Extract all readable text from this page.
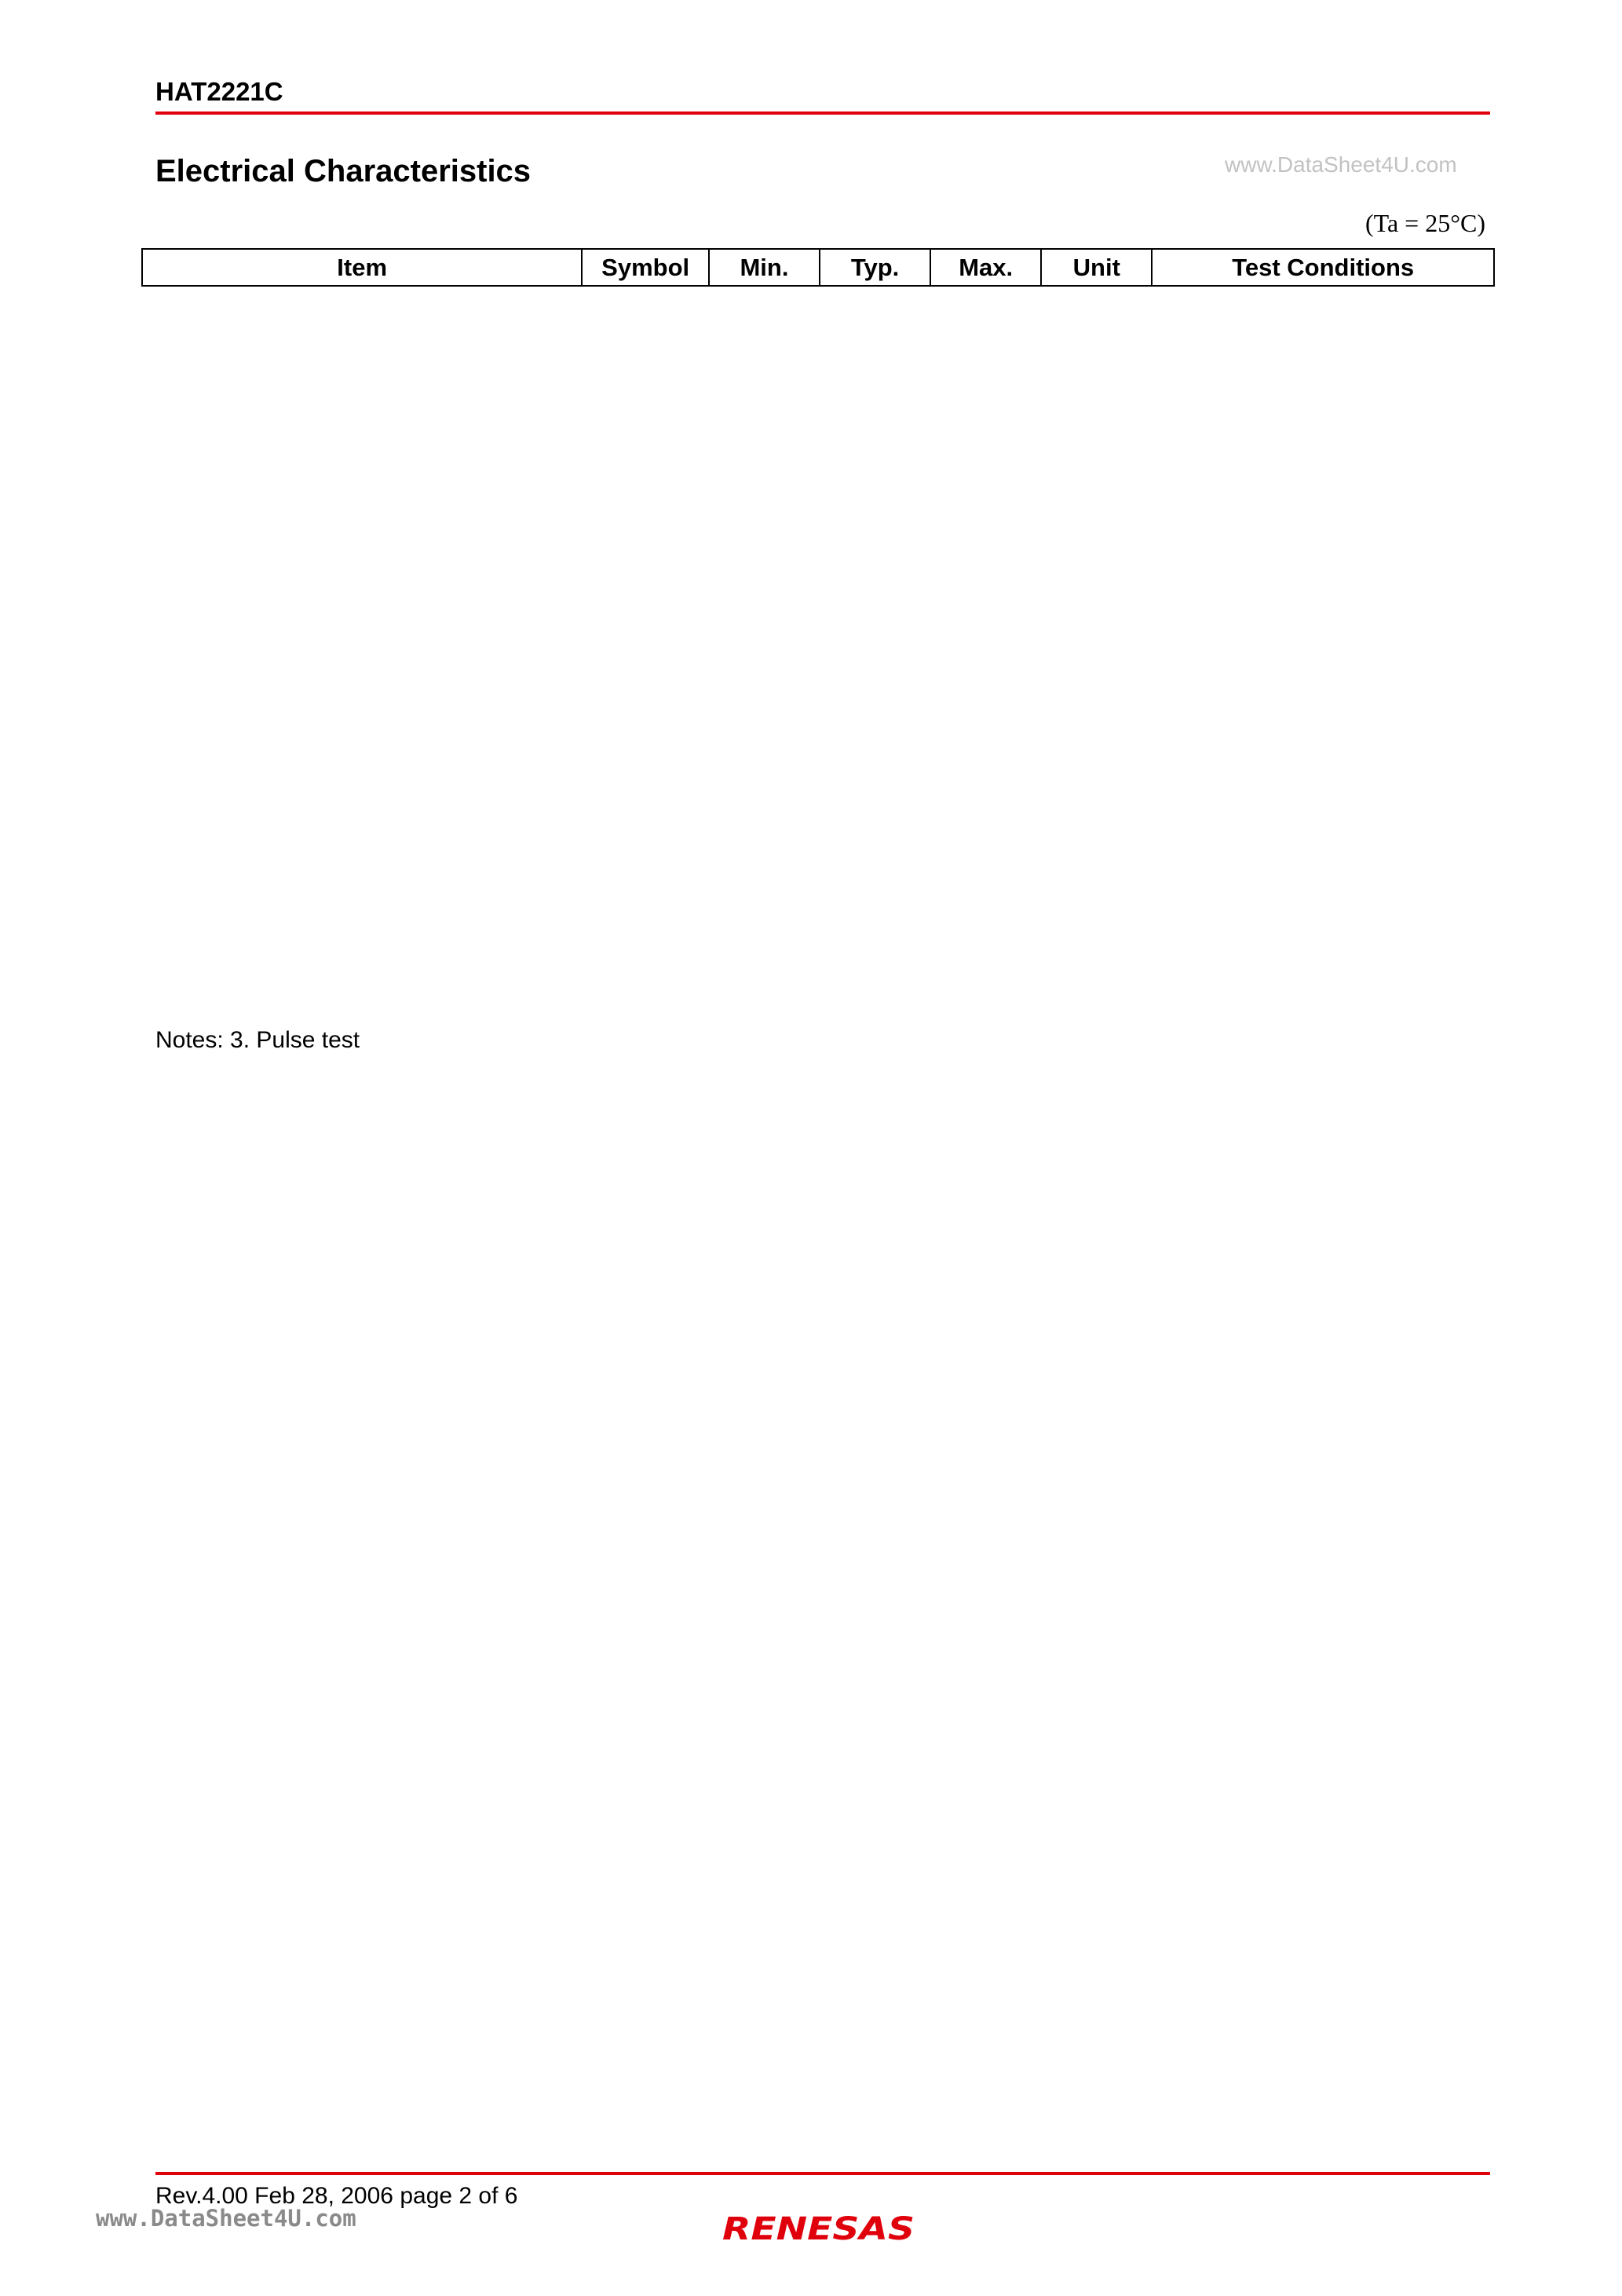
HAT2221C
Electrical Characteristics	www.DataSheet4U.com
(Ta = 25°C)
Item	Symbol	Min.	Typ.	Max.	Unit	Test Conditions
Notes: 3. Pulse test
Rev.4.00 Feb 28, 2006 page 2 of 6
www.DataSheet4U.com	RENESAS
